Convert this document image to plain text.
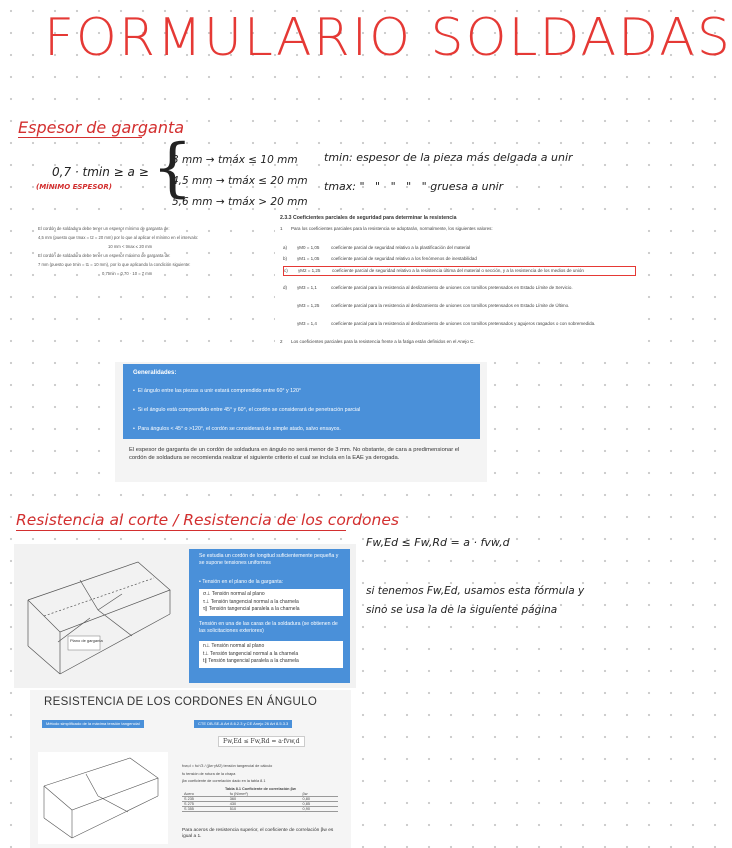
FORMULARIO SOLDADAS
Espesor de garganta
0,7 · tmin ≥ a ≥
(MÍNIMO ESPESOR) {
3 mm → tmáx ≤ 10 mm
4,5 mm → tmáx ≤ 20 mm
5,6 mm → tmáx > 20 mm
tmin: espesor de la pieza más delgada a unir
tmax: "   "   "   "   " gruesa a unir
El cordón de soldadura debe tener un espesor mínimo de garganta de:
4,5 mm (puesto que tmax = t2 = 20 mm) por lo que al aplicar el mínimo en el intervalo:
10 mm < tmax ≤ 20 mm
El cordón de soldadura debe tener un espesor máximo de garganta de:
7 mm (puesto que tmin = t1 = 10 mm), por lo que aplicando la condición siguiente:
0,7tmin = 0,70 · 10 = 7 mm
2.3.3 Coeficientes parciales de seguridad para determinar la resistencia
1 Para los coeficientes parciales para la resistencia se adoptarán, normalmente, los siguientes valores:
a)	γM0 = 1,05	coeficiente parcial de seguridad relativo a la plastificación del material
b)	γM1 = 1,05	coeficiente parcial de seguridad relativo a los fenómenos de inestabilidad
c)	γM2 = 1,25	coeficiente parcial de seguridad relativo a la resistencia última del material o sección, y a la resistencia de los medios de unión
d)	γM3 = 1,1	coeficiente parcial para la resistencia al deslizamiento de uniones con tornillos pretensados en Estado Límite de Servicio.
γM3 = 1,25	coeficiente parcial para la resistencia al deslizamiento de uniones con tornillos pretensados en Estado Límite de Último.
γM3 = 1,4	coeficiente parcial para la resistencia al deslizamiento de uniones con tornillos pretensados y agujeros rasgados o con sobremedida.
2 Los coeficientes parciales para la resistencia frente a la fatiga están definidos en el Anejo C.
Generalidades:
•  El ángulo entre las piezas a unir estará comprendido entre 60° y 120°
•  Si el ángulo está comprendido entre 45° y 60°, el cordón se considerará de penetración parcial
•  Para ángulos < 45° o >120°, el cordón se considerará de simple atado, salvo ensayos.
El espesor de garganta de un cordón de soldadura en ángulo no será menor de 3 mm. No obstante, de cara a predimensionar el cordón de soldadura se recomienda realizar el siguiente criterio el cual se incluía en la EAE ya derogada.
Resistencia al corte / Resistencia de los cordones
Fw,Ed ≤ Fw,Rd = a · fvw,d
si tenemos Fw,Ed, usamos esta fórmula y
sino se usa la de la siguiente página
Plano de garganta
Se estudia un cordón de longitud suficientemente pequeña y se supone tensiones uniformes
• Tensión en el plano de la garganta:
σ⊥ Tensión normal al plano
τ⊥ Tensión tangencial normal a la charnela
τ∥ Tensión tangencial paralela a la charnela
Tensión en una de las caras de la soldadura (se obtienen de las solicitaciones exteriores)
n⊥ Tensión normal al plano
t⊥ Tensión tangencial normal a la charnela
t∥ Tensión tangencial paralela a la charnela
RESISTENCIA DE LOS CORDONES EN ÁNGULO
Método simplificado de la máxima tensión tangencial	CTE DB-SE-A Art 8.6.2.3 y CE Anejo 26 Art 8.5.3.3
Fw,Ed ≤ Fw,Rd = a·fvw,d
fvw,d = fu/√3 / (βw·γM2) tensión tangencial de cálculo
fu tensión de rotura de la chapa
βw coeficiente de correlación dado en la tabla 8.1
Tabla 8.1 Coeficiente de correlación βw
Acero	fu (N/mm²)	βw
S 235	360	0,80
S 275	430	0,85
S 355	510	0,90
Para aceros de resistencia superior, el coeficiente de correlación βw es igual a 1.
